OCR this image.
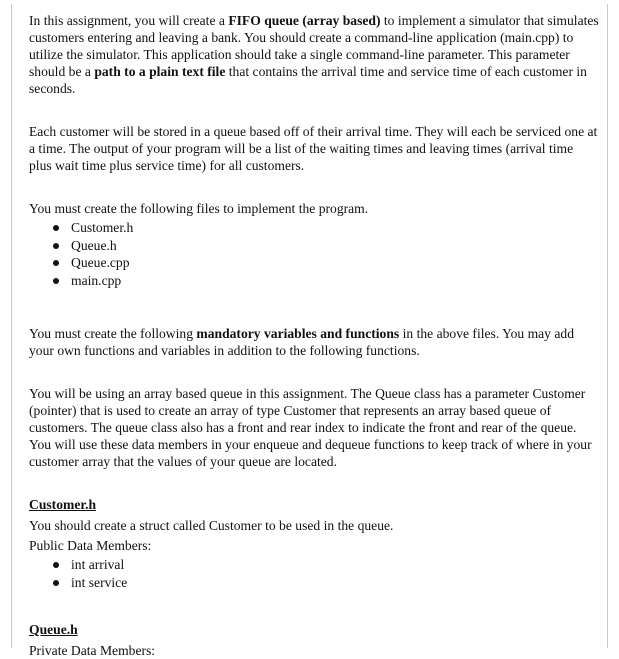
In this assignment, you will create a FIFO queue (array based) to implement a simulator that simulates customers entering and leaving a bank. You should create a command-line application (main.cpp) to utilize the simulator. This application should take a single command-line parameter. This parameter should be a path to a plain text file that contains the arrival time and service time of each customer in seconds.

Each customer will be stored in a queue based off of their arrival time. They will each be serviced one at a time. The output of your program will be a list of the waiting times and leaving times (arrival time plus wait time plus service time) for all customers.

You must create the following files to implement the program.

Customer.h
Queue.h
Queue.cpp
main.cpp

You must create the following mandatory variables and functions in the above files. You may add your own functions and variables in addition to the following functions.

You will be using an array based queue in this assignment. The Queue class has a parameter Customer (pointer) that is used to create an array of type Customer that represents an array based queue of customers. The queue class also has a front and rear index to indicate the front and rear of the queue. You will use these data members in your enqueue and dequeue functions to keep track of where in your customer array that the values of your queue are located.

Customer.h

You should create a struct called Customer to be used in the queue.

Public Data Members:

int arrival
int service

Queue.h

Private Data Members:
